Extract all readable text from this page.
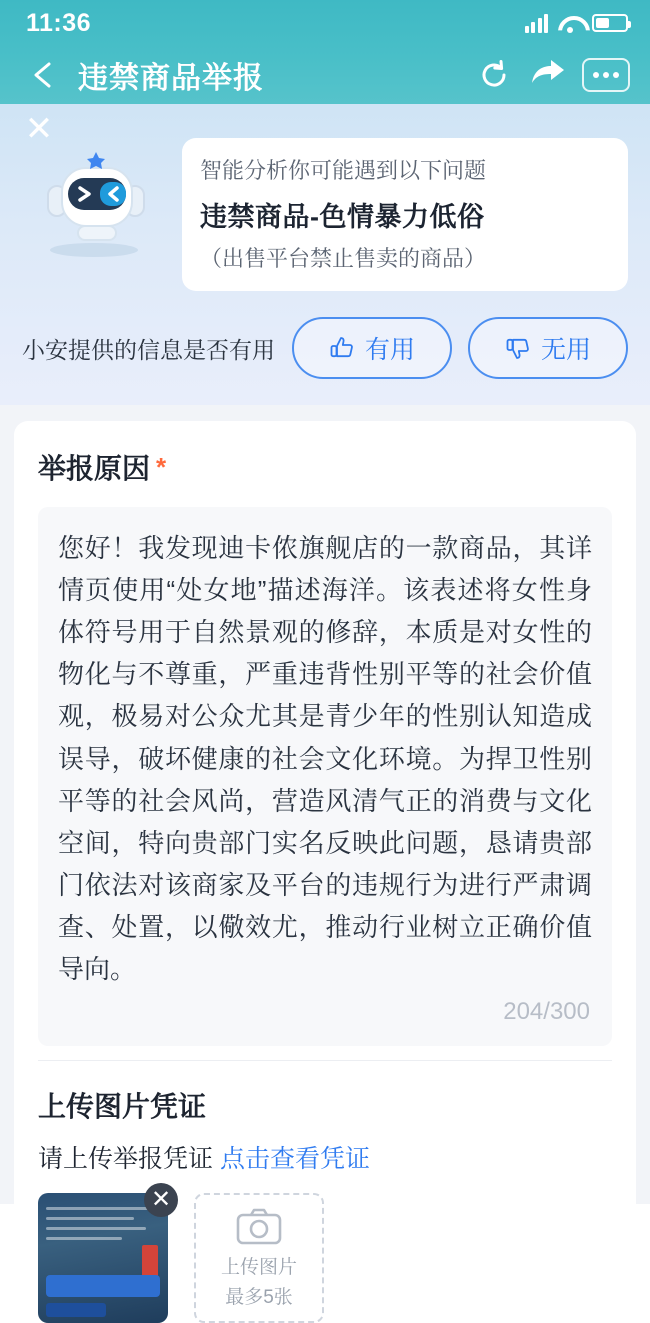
11:36
违禁商品举报
✕
智能分析你可能遇到以下问题
违禁商品-色情暴力低俗
（出售平台禁止售卖的商品）
小安提供的信息是否有用	有用	无用
举报原因 *
您好！我发现迪卡侬旗舰店的一款商品，其详情页使用“处女地”描述海洋。该表述将女性身体符号用于自然景观的修辞，本质是对女性的物化与不尊重，严重违背性别平等的社会价值观，极易对公众尤其是青少年的性别认知造成误导，破坏健康的社会文化环境。为捍卫性别平等的社会风尚，营造风清气正的消费与文化空间，特向贵部门实名反映此问题，恳请贵部门依法对该商家及平台的违规行为进行严肃调查、处置，以儆效尤，推动行业树立正确价值导向。
204/300
上传图片凭证
请上传举报凭证 点击查看凭证
✕
上传图片
最多5张
